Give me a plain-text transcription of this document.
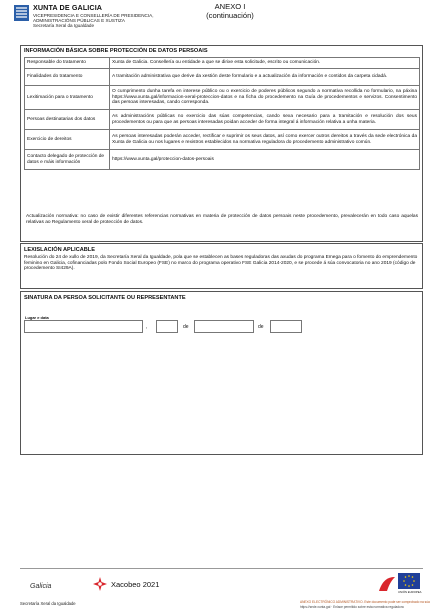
XUNTA DE GALICIA
VICEPRESIDENCIA E CONSELLERÍA DE PRESIDENCIA,
ADMINISTRACIÓNS PÚBLICAS E XUSTIZA
Secretaría Xeral da Igualdade
ANEXO I
(continuación)
INFORMACIÓN BÁSICA SOBRE PROTECCIÓN DE DATOS PERSOAIS
Responsable do tratamento	Xunta de Galicia. Consellería ou entidade a que se dirixe esta solicitude, escrito ou comunicación.
Finalidades do tratamento	A tramitación administrativa que derive da xestión deste formulario e a actualización da información e contidos da carpeta cidadá.
Lexitimación para o tratamento	O cumprimento dunha tarefa en interese público ou o exercicio de poderes públicos segundo a normativa recollida no formulario, na páxina https://www.xunta.gal/informacion-xeral-proteccion-datos e na ficha do procedemento na Guía de procedementos e servizos. Consentimento das persoas interesadas, cando corresponda.
Persoas destinatarias dos datos	As administracións públicas no exercicio das súas competencias, cando sexa necesario para a tramitación e resolución dos seus procedementos ou para que as persoas interesadas poidan acceder de forma integral á información relativa a unha materia.
Exercicio de dereitos	As persoas interesadas poderán acceder, rectificar e suprimir os seus datos, así como exercer outros dereitos a través da sede electrónica da Xunta de Galicia ou nos lugares e rexistros establecidos na normativa reguladora do procedemento administrativo común.
Contacto delegado de protección de datos e máis información	https://www.xunta.gal/proteccion-datos-persoais
Actualización normativa: no caso de existir diferentes referencias normativas en materia de protección de datos persoais neste procedemento, prevalecerán en todo caso aquelas relativas ao Regulamento xeral de protección de datos.
LEXISLACIÓN APLICABLE
Resolución do 24 de xullo de 2019, da Secretaría Xeral da Igualdade, pola que se establecen as bases reguladoras das axudas do programa Emega para o fomento do emprendemento feminino en Galicia, cofinanciadas polo Fondo Social Europeo (FSE) no marco do programa operativo FSE Galicia 2014-2020, e se procede á súa convocatoria no ano 2019 (código de procedemento SI429A).
SINATURA DA PERSOA SOLICITANTE OU REPRESENTANTE
Lugar e data
,	de	de
Galicia	Xacobeo 2021
UNIÓN EUROPEA
Secretaría Xeral da Igualdade	ANEXO ELECTRÓNICO ADMINISTRATIVO. Este documento pode ser comprobado na súa
https://sede.xunta.gal · Enlace permitido sobre esta normativa reguladora
